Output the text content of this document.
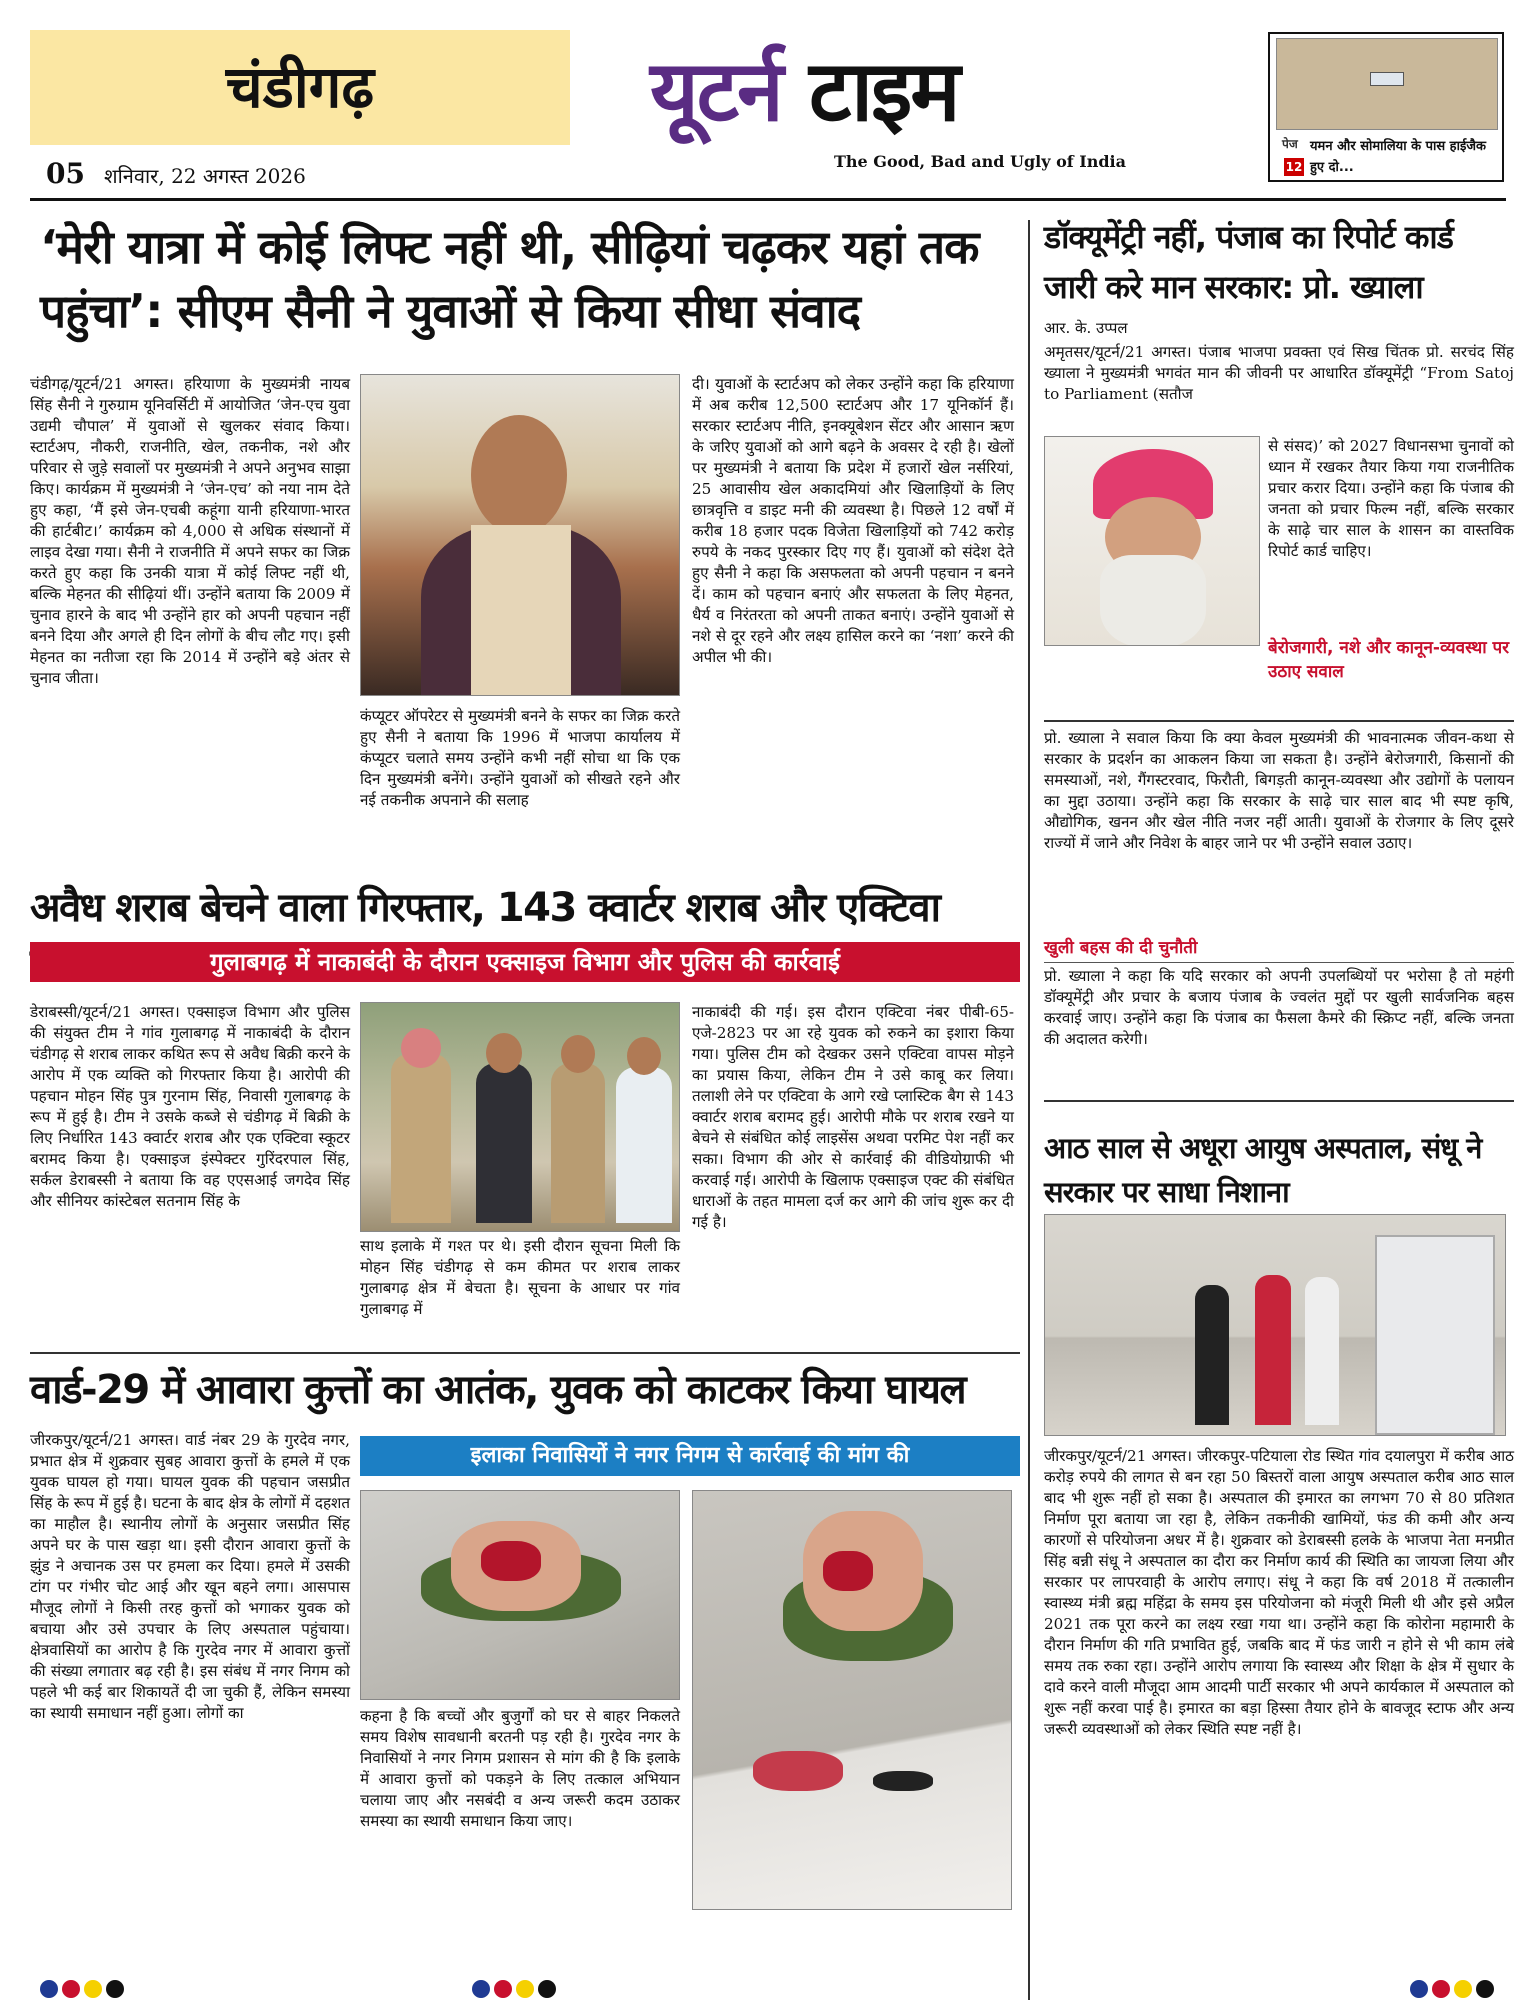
चंडीगढ़	यूटर्न टाइम
The Good, Bad and Ugly of India
05 शनिवार, 22 अगस्त 2026
पेज
12
यमन और सोमालिया के पास हाईजैक हुए दो...
‘मेरी यात्रा में कोई लिफ्ट नहीं थी, सीढ़ियां चढ़कर यहां तक पहुंचा’: सीएम सैनी ने युवाओं से किया सीधा संवाद
चंडीगढ़/यूटर्न/21 अगस्त। हरियाणा के मुख्यमंत्री नायब सिंह सैनी ने गुरुग्राम यूनिवर्सिटी में आयोजित ‘जेन-एच युवा उद्यमी चौपाल’ में युवाओं से खुलकर संवाद किया। स्टार्टअप, नौकरी, राजनीति, खेल, तकनीक, नशे और परिवार से जुड़े सवालों पर मुख्यमंत्री ने अपने अनुभव साझा किए। कार्यक्रम में मुख्यमंत्री ने ‘जेन-एच’ को नया नाम देते हुए कहा, ‘मैं इसे जेन-एचबी कहूंगा यानी हरियाणा-भारत की हार्टबीट।’ कार्यक्रम को 4,000 से अधिक संस्थानों में लाइव देखा गया। सैनी ने राजनीति में अपने सफर का जिक्र करते हुए कहा कि उनकी यात्रा में कोई लिफ्ट नहीं थी, बल्कि मेहनत की सीढ़ियां थीं। उन्होंने बताया कि 2009 में चुनाव हारने के बाद भी उन्होंने हार को अपनी पहचान नहीं बनने दिया और अगले ही दिन लोगों के बीच लौट गए। इसी मेहनत का नतीजा रहा कि 2014 में उन्होंने बड़े अंतर से चुनाव जीता।
कंप्यूटर ऑपरेटर से मुख्यमंत्री बनने के सफर का जिक्र करते हुए सैनी ने बताया कि 1996 में भाजपा कार्यालय में कंप्यूटर चलाते समय उन्होंने कभी नहीं सोचा था कि एक दिन मुख्यमंत्री बनेंगे। उन्होंने युवाओं को सीखते रहने और नई तकनीक अपनाने की सलाह
दी। युवाओं के स्टार्टअप को लेकर उन्होंने कहा कि हरियाणा में अब करीब 12,500 स्टार्टअप और 17 यूनिकॉर्न हैं। सरकार स्टार्टअप नीति, इनक्यूबेशन सेंटर और आसान ऋण के जरिए युवाओं को आगे बढ़ने के अवसर दे रही है। खेलों पर मुख्यमंत्री ने बताया कि प्रदेश में हजारों खेल नर्सरियां, 25 आवासीय खेल अकादमियां और खिलाड़ियों के लिए छात्रवृत्ति व डाइट मनी की व्यवस्था है। पिछले 12 वर्षों में करीब 18 हजार पदक विजेता खिलाड़ियों को 742 करोड़ रुपये के नकद पुरस्कार दिए गए हैं। युवाओं को संदेश देते हुए सैनी ने कहा कि असफलता को अपनी पहचान न बनने दें। काम को पहचान बनाएं और सफलता के लिए मेहनत, धैर्य व निरंतरता को अपनी ताकत बनाएं। उन्होंने युवाओं से नशे से दूर रहने और लक्ष्य हासिल करने का ‘नशा’ करने की अपील भी की।
अवैध शराब बेचने वाला गिरफ्तार, 143 क्वार्टर शराब और एक्टिवा
गुलाबगढ़ में नाकाबंदी के दौरान एक्साइज विभाग और पुलिस की कार्रवाई
डेराबस्सी/यूटर्न/21 अगस्त। एक्साइज विभाग और पुलिस की संयुक्त टीम ने गांव गुलाबगढ़ में नाकाबंदी के दौरान चंडीगढ़ से शराब लाकर कथित रूप से अवैध बिक्री करने के आरोप में एक व्यक्ति को गिरफ्तार किया है। आरोपी की पहचान मोहन सिंह पुत्र गुरनाम सिंह, निवासी गुलाबगढ़ के रूप में हुई है। टीम ने उसके कब्जे से चंडीगढ़ में बिक्री के लिए निर्धारित 143 क्वार्टर शराब और एक एक्टिवा स्कूटर बरामद किया है। एक्साइज इंस्पेक्टर गुरिंदरपाल सिंह, सर्कल डेराबस्सी ने बताया कि वह एएसआई जगदेव सिंह और सीनियर कांस्टेबल सतनाम सिंह के
साथ इलाके में गश्त पर थे। इसी दौरान सूचना मिली कि मोहन सिंह चंडीगढ़ से कम कीमत पर शराब लाकर गुलाबगढ़ क्षेत्र में बेचता है। सूचना के आधार पर गांव गुलाबगढ़ में
नाकाबंदी की गई। इस दौरान एक्टिवा नंबर पीबी-65-एजे-2823 पर आ रहे युवक को रुकने का इशारा किया गया। पुलिस टीम को देखकर उसने एक्टिवा वापस मोड़ने का प्रयास किया, लेकिन टीम ने उसे काबू कर लिया। तलाशी लेने पर एक्टिवा के आगे रखे प्लास्टिक बैग से 143 क्वार्टर शराब बरामद हुई। आरोपी मौके पर शराब रखने या बेचने से संबंधित कोई लाइसेंस अथवा परमिट पेश नहीं कर सका। विभाग की ओर से कार्रवाई की वीडियोग्राफी भी करवाई गई। आरोपी के खिलाफ एक्साइज एक्ट की संबंधित धाराओं के तहत मामला दर्ज कर आगे की जांच शुरू कर दी गई है।
वार्ड-29 में आवारा कुत्तों का आतंक, युवक को काटकर किया घायल
इलाका निवासियों ने नगर निगम से कार्रवाई की मांग की
जीरकपुर/यूटर्न/21 अगस्त। वार्ड नंबर 29 के गुरदेव नगर, प्रभात क्षेत्र में शुक्रवार सुबह आवारा कुत्तों के हमले में एक युवक घायल हो गया। घायल युवक की पहचान जसप्रीत सिंह के रूप में हुई है। घटना के बाद क्षेत्र के लोगों में दहशत का माहौल है। स्थानीय लोगों के अनुसार जसप्रीत सिंह अपने घर के पास खड़ा था। इसी दौरान आवारा कुत्तों के झुंड ने अचानक उस पर हमला कर दिया। हमले में उसकी टांग पर गंभीर चोट आई और खून बहने लगा। आसपास मौजूद लोगों ने किसी तरह कुत्तों को भगाकर युवक को बचाया और उसे उपचार के लिए अस्पताल पहुंचाया। क्षेत्रवासियों का आरोप है कि गुरदेव नगर में आवारा कुत्तों की संख्या लगातार बढ़ रही है। इस संबंध में नगर निगम को पहले भी कई बार शिकायतें दी जा चुकी हैं, लेकिन समस्या का स्थायी समाधान नहीं हुआ। लोगों का	कहना है कि बच्चों और बुजुर्गों को घर से बाहर निकलते समय विशेष सावधानी बरतनी पड़ रही है। गुरदेव नगर के निवासियों ने नगर निगम प्रशासन से मांग की है कि इलाके में आवारा कुत्तों को पकड़ने के लिए तत्काल अभियान चलाया जाए और नसबंदी व अन्य जरूरी कदम उठाकर समस्या का स्थायी समाधान किया जाए।
डॉक्यूमेंट्री नहीं, पंजाब का रिपोर्ट कार्ड जारी करे मान सरकार: प्रो. ख्याला
आर. के. उप्पल
अमृतसर/यूटर्न/21 अगस्त। पंजाब भाजपा प्रवक्ता एवं सिख चिंतक प्रो. सरचंद सिंह ख्याला ने मुख्यमंत्री भगवंत मान की जीवनी पर आधारित डॉक्यूमेंट्री “From Satoj to Parliament (सतौज
से संसद)’ को 2027 विधानसभा चुनावों को ध्यान में रखकर तैयार किया गया राजनीतिक प्रचार करार दिया। उन्होंने कहा कि पंजाब की जनता को प्रचार फिल्म नहीं, बल्कि सरकार के साढ़े चार साल के शासन का वास्तविक रिपोर्ट कार्ड चाहिए।
बेरोजगारी, नशे और कानून-व्यवस्था पर उठाए सवाल
प्रो. ख्याला ने सवाल किया कि क्या केवल मुख्यमंत्री की भावनात्मक जीवन-कथा से सरकार के प्रदर्शन का आकलन किया जा सकता है। उन्होंने बेरोजगारी, किसानों की समस्याओं, नशे, गैंगस्टरवाद, फिरौती, बिगड़ती कानून-व्यवस्था और उद्योगों के पलायन का मुद्दा उठाया। उन्होंने कहा कि सरकार के साढ़े चार साल बाद भी स्पष्ट कृषि, औद्योगिक, खनन और खेल नीति नजर नहीं आती। युवाओं के रोजगार के लिए दूसरे राज्यों में जाने और निवेश के बाहर जाने पर भी उन्होंने सवाल उठाए।
खुली बहस की दी चुनौती
प्रो. ख्याला ने कहा कि यदि सरकार को अपनी उपलब्धियों पर भरोसा है तो महंगी डॉक्यूमेंट्री और प्रचार के बजाय पंजाब के ज्वलंत मुद्दों पर खुली सार्वजनिक बहस करवाई जाए। उन्होंने कहा कि पंजाब का फैसला कैमरे की स्क्रिप्ट नहीं, बल्कि जनता की अदालत करेगी।
आठ साल से अधूरा आयुष अस्पताल, संधू ने सरकार पर साधा निशाना
जीरकपुर/यूटर्न/21 अगस्त। जीरकपुर-पटियाला रोड स्थित गांव दयालपुरा में करीब आठ करोड़ रुपये की लागत से बन रहा 50 बिस्तरों वाला आयुष अस्पताल करीब आठ साल बाद भी शुरू नहीं हो सका है। अस्पताल की इमारत का लगभग 70 से 80 प्रतिशत निर्माण पूरा बताया जा रहा है, लेकिन तकनीकी खामियों, फंड की कमी और अन्य कारणों से परियोजना अधर में है। शुक्रवार को डेराबस्सी हलके के भाजपा नेता मनप्रीत सिंह बन्नी संधू ने अस्पताल का दौरा कर निर्माण कार्य की स्थिति का जायजा लिया और सरकार पर लापरवाही के आरोप लगाए। संधू ने कहा कि वर्ष 2018 में तत्कालीन स्वास्थ्य मंत्री ब्रह्म महिंद्रा के समय इस परियोजना को मंजूरी मिली थी और इसे अप्रैल 2021 तक पूरा करने का लक्ष्य रखा गया था। उन्होंने कहा कि कोरोना महामारी के दौरान निर्माण की गति प्रभावित हुई, जबकि बाद में फंड जारी न होने से भी काम लंबे समय तक रुका रहा। उन्होंने आरोप लगाया कि स्वास्थ्य और शिक्षा के क्षेत्र में सुधार के दावे करने वाली मौजूदा आम आदमी पार्टी सरकार भी अपने कार्यकाल में अस्पताल को शुरू नहीं करवा पाई है। इमारत का बड़ा हिस्सा तैयार होने के बावजूद स्टाफ और अन्य जरूरी व्यवस्थाओं को लेकर स्थिति स्पष्ट नहीं है।
